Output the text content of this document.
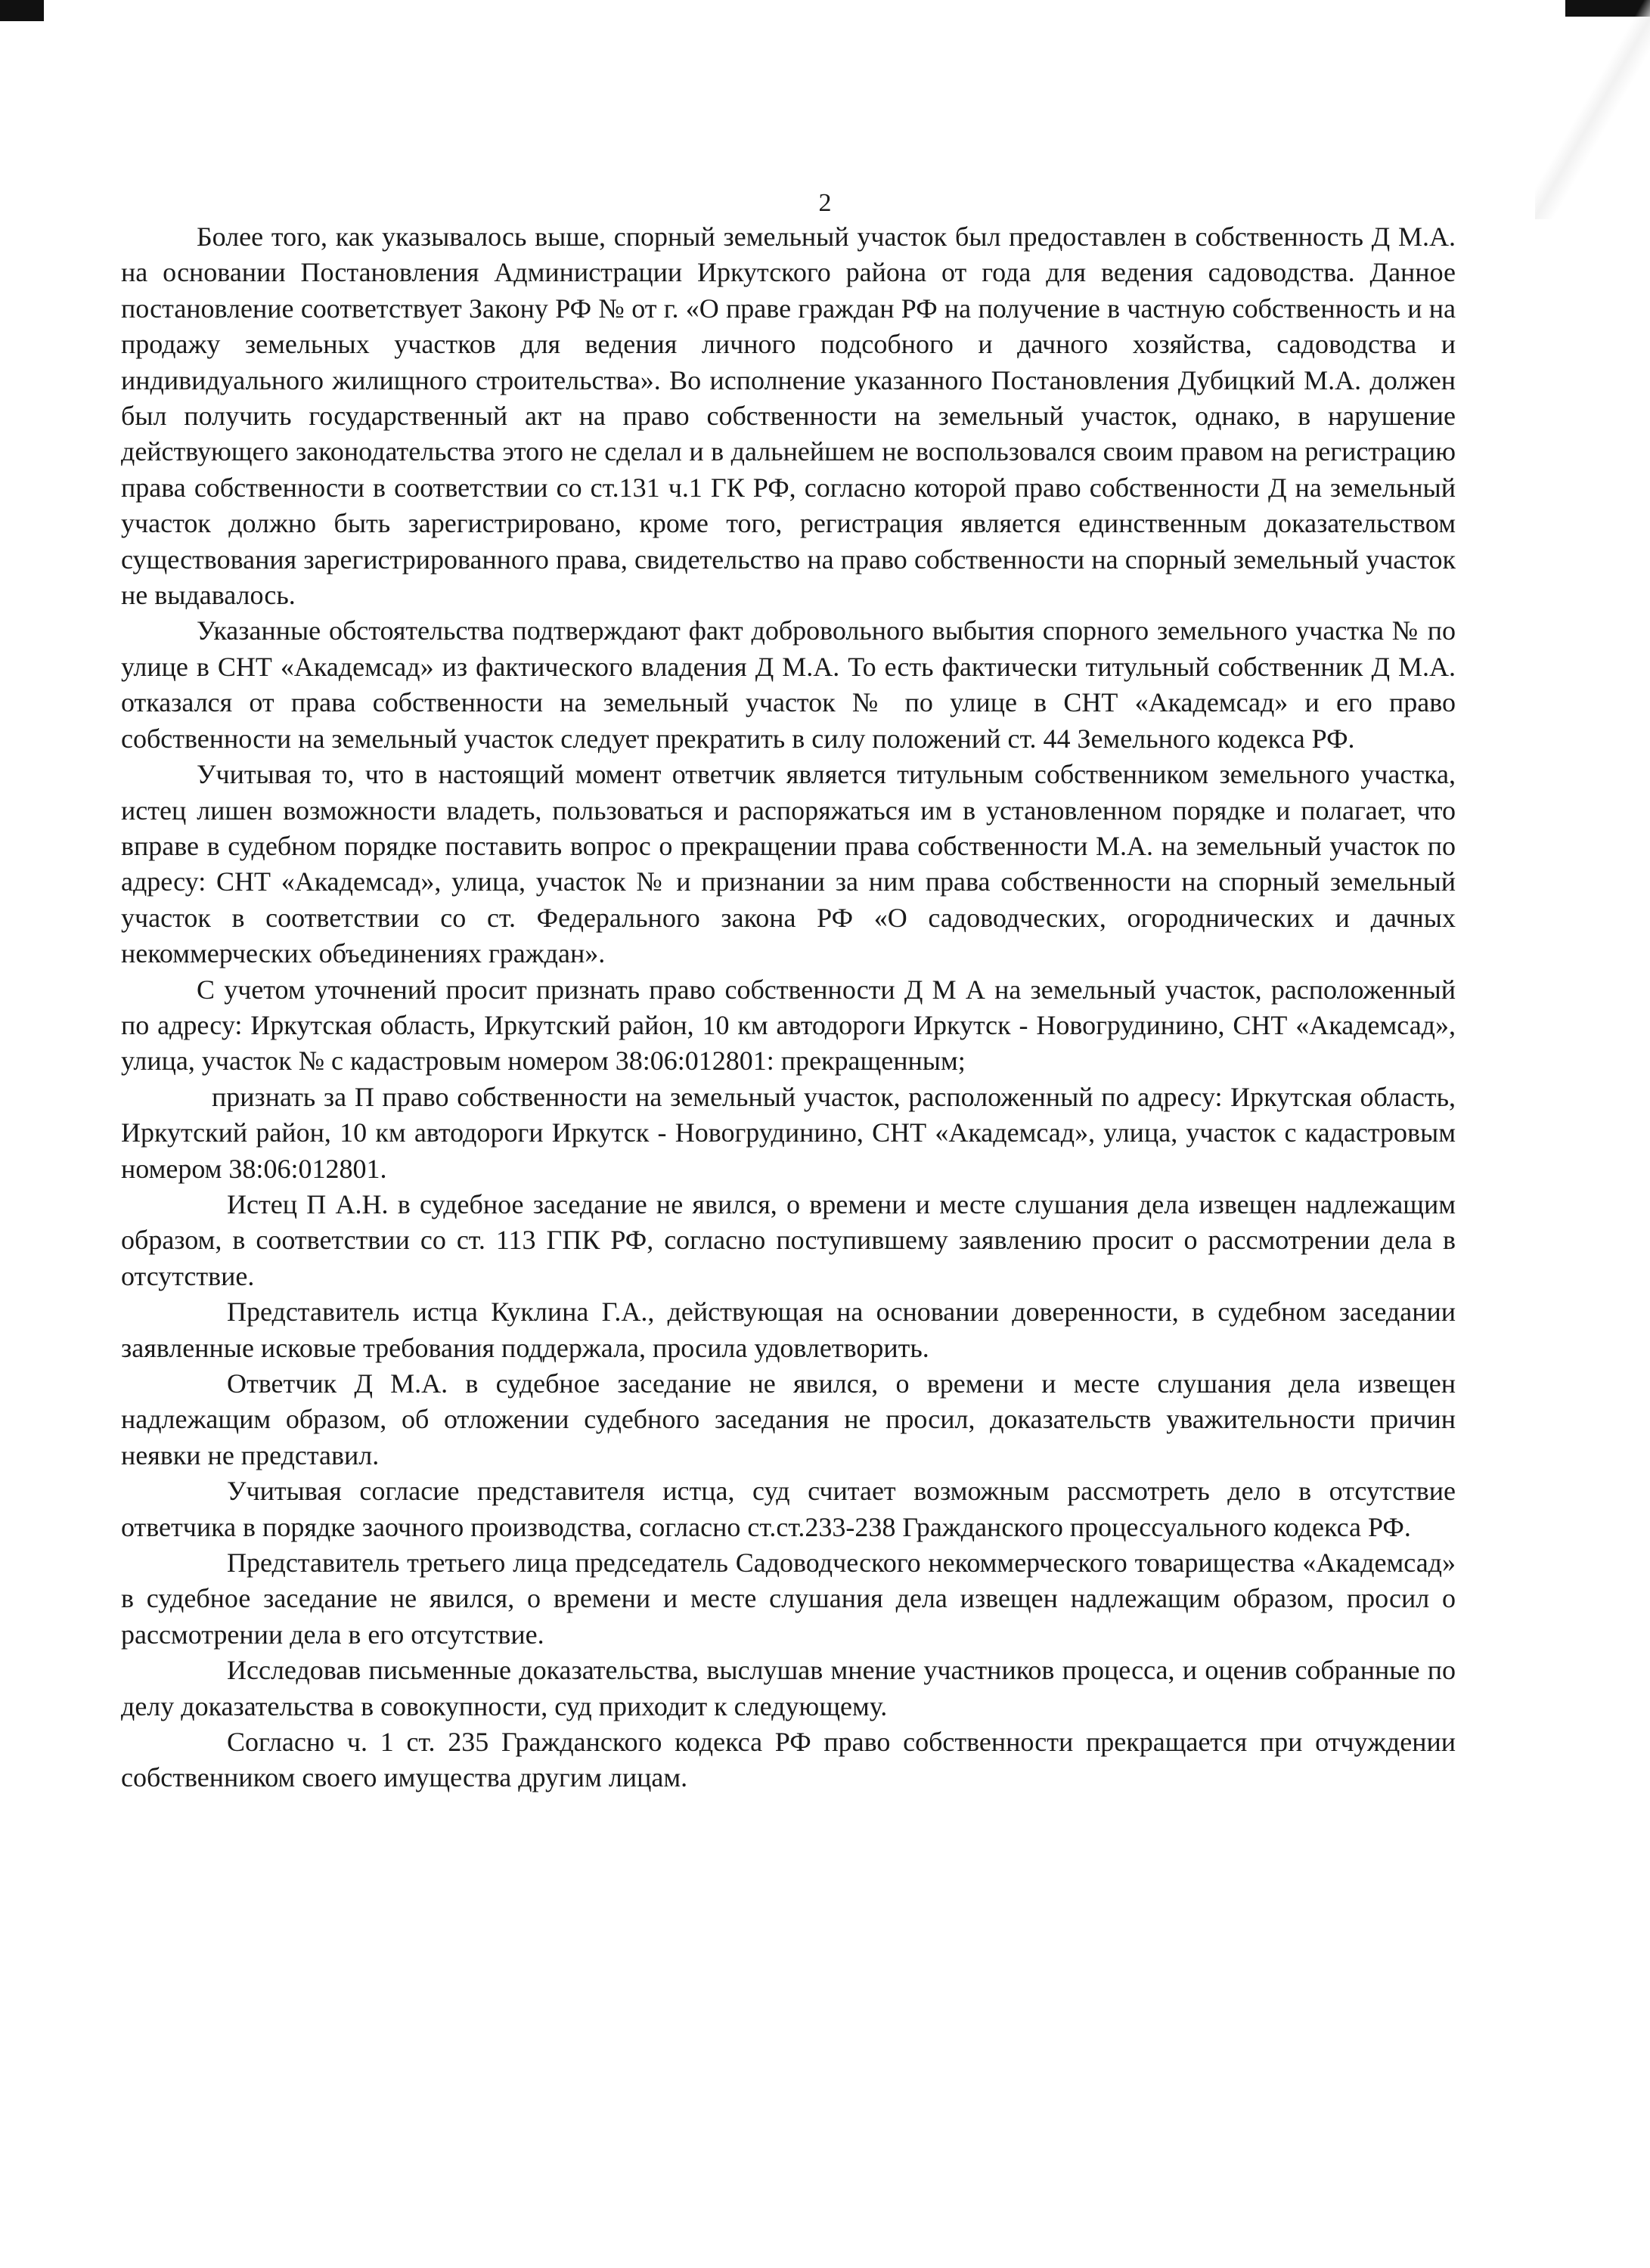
2

Более того, как указывалось выше, спорный земельный участок был предоставлен в собственность Д М.А. на основании Постановления Администрации Иркутского района от года для ведения садоводства. Данное постановление соответствует Закону РФ № от г. «О праве граждан РФ на получение в частную собственность и на продажу земельных участков для ведения личного подсобного и дачного хозяйства, садоводства и индивидуального жилищного строительства». Во исполнение указанного Постановления Дубицкий М.А. должен был получить государственный акт на право собственности на земельный участок, однако, в нарушение действующего законодательства этого не сделал и в дальнейшем не воспользовался своим правом на регистрацию права собственности в соответствии со ст.131 ч.1 ГК РФ, согласно которой право собственности Д на земельный участок должно быть зарегистрировано, кроме того, регистрация является единственным доказательством существования зарегистрированного права, свидетельство на право собственности на спорный земельный участок не выдавалось.

Указанные обстоятельства подтверждают факт добровольного выбытия спорного земельного участка № по улице в СНТ «Академсад» из фактического владения Д М.А. То есть фактически титульный собственник Д М.А. отказался от права собственности на земельный участок № по улице в СНТ «Академсад» и его право собственности на земельный участок следует прекратить в силу положений ст. 44 Земельного кодекса РФ.

Учитывая то, что в настоящий момент ответчик является титульным собственником земельного участка, истец лишен возможности владеть, пользоваться и распоряжаться им в установленном порядке и полагает, что вправе в судебном порядке поставить вопрос о прекращении права собственности М.А. на земельный участок по адресу: СНТ «Академсад», улица, участок № и признании за ним права собственности на спорный земельный участок в соответствии со ст. Федерального закона РФ «О садоводческих, огороднических и дачных некоммерческих объединениях граждан».

С учетом уточнений просит признать право собственности Д М А на земельный участок, расположенный по адресу: Иркутская область, Иркутский район, 10 км автодороги Иркутск - Новогрудинино, СНТ «Академсад», улица, участок № с кадастровым номером 38:06:012801: прекращенным;

признать за П право собственности на земельный участок, расположенный по адресу: Иркутская область, Иркутский район, 10 км автодороги Иркутск - Новогрудинино, СНТ «Академсад», улица, участок с кадастровым номером 38:06:012801.

Истец П А.Н. в судебное заседание не явился, о времени и месте слушания дела извещен надлежащим образом, в соответствии со ст. 113 ГПК РФ, согласно поступившему заявлению просит о рассмотрении дела в отсутствие.

Представитель истца Куклина Г.А., действующая на основании доверенности, в судебном заседании заявленные исковые требования поддержала, просила удовлетворить.

Ответчик Д М.А. в судебное заседание не явился, о времени и месте слушания дела извещен надлежащим образом, об отложении судебного заседания не просил, доказательств уважительности причин неявки не представил.

Учитывая согласие представителя истца, суд считает возможным рассмотреть дело в отсутствие ответчика в порядке заочного производства, согласно ст.ст.233-238 Гражданского процессуального кодекса РФ.

Представитель третьего лица председатель Садоводческого некоммерческого товарищества «Академсад» в судебное заседание не явился, о времени и месте слушания дела извещен надлежащим образом, просил о рассмотрении дела в его отсутствие.

Исследовав письменные доказательства, выслушав мнение участников процесса, и оценив собранные по делу доказательства в совокупности, суд приходит к следующему.

Согласно ч. 1 ст. 235 Гражданского кодекса РФ право собственности прекращается при отчуждении собственником своего имущества другим лицам.
